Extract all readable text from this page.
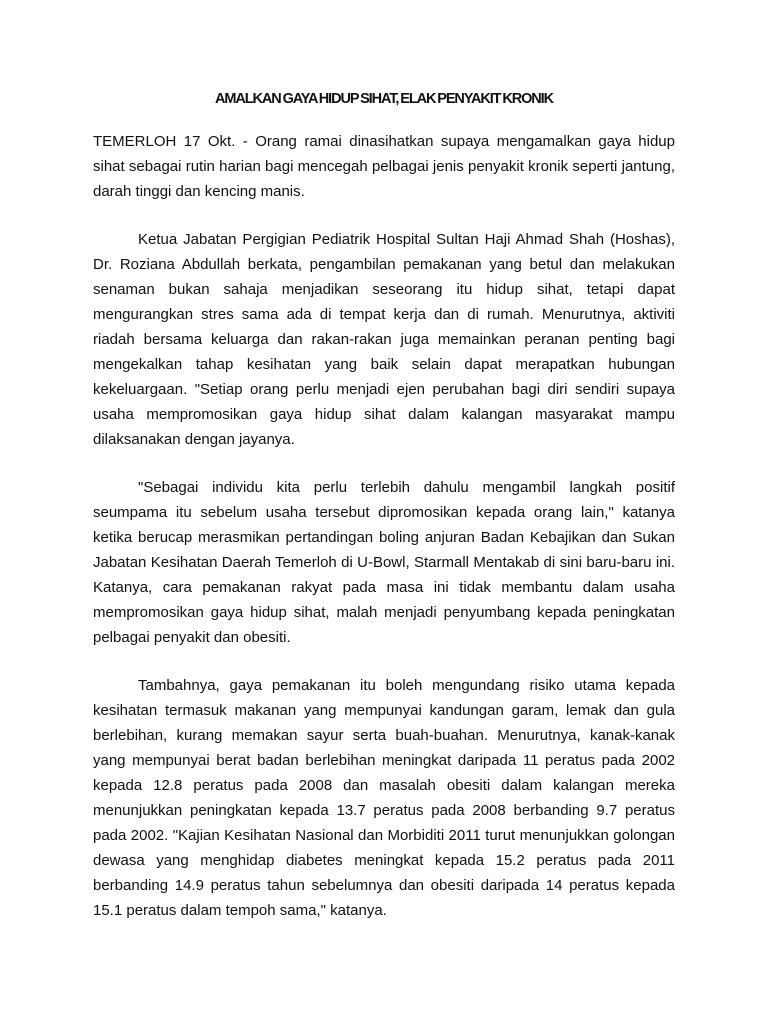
AMALKAN GAYA HIDUP SIHAT, ELAK PENYAKIT KRONIK

TEMERLOH 17 Okt. - Orang ramai dinasihatkan supaya mengamalkan gaya hidup sihat sebagai rutin harian bagi mencegah pelbagai jenis penyakit kronik seperti jantung, darah tinggi dan kencing manis.

Ketua Jabatan Pergigian Pediatrik Hospital Sultan Haji Ahmad Shah (Hoshas), Dr. Roziana Abdullah berkata, pengambilan pemakanan yang betul dan melakukan senaman bukan sahaja menjadikan seseorang itu hidup sihat, tetapi dapat mengurangkan stres sama ada di tempat kerja dan di rumah. Menurutnya, aktiviti riadah bersama keluarga dan rakan-rakan juga memainkan peranan penting bagi mengekalkan tahap kesihatan yang baik selain dapat merapatkan hubungan kekeluargaan. "Setiap orang perlu menjadi ejen perubahan bagi diri sendiri supaya usaha mempromosikan gaya hidup sihat dalam kalangan masyarakat mampu dilaksanakan dengan jayanya.

"Sebagai individu kita perlu terlebih dahulu mengambil langkah positif seumpama itu sebelum usaha tersebut dipromosikan kepada orang lain," katanya ketika berucap merasmikan pertandingan boling anjuran Badan Kebajikan dan Sukan Jabatan Kesihatan Daerah Temerloh di U-Bowl, Starmall Mentakab di sini baru-baru ini. Katanya, cara pemakanan rakyat pada masa ini tidak membantu dalam usaha mempromosikan gaya hidup sihat, malah menjadi penyumbang kepada peningkatan pelbagai penyakit dan obesiti.

Tambahnya, gaya pemakanan itu boleh mengundang risiko utama kepada kesihatan termasuk makanan yang mempunyai kandungan garam, lemak dan gula berlebihan, kurang memakan sayur serta buah-buahan. Menurutnya, kanak-kanak yang mempunyai berat badan berlebihan meningkat daripada 11 peratus pada 2002 kepada 12.8 peratus pada 2008 dan masalah obesiti dalam kalangan mereka menunjukkan peningkatan kepada 13.7 peratus pada 2008 berbanding 9.7 peratus pada 2002. "Kajian Kesihatan Nasional dan Morbiditi 2011 turut menunjukkan golongan dewasa yang menghidap diabetes meningkat kepada 15.2 peratus pada 2011 berbanding 14.9 peratus tahun sebelumnya dan obesiti daripada 14 peratus kepada 15.1 peratus dalam tempoh sama," katanya.
